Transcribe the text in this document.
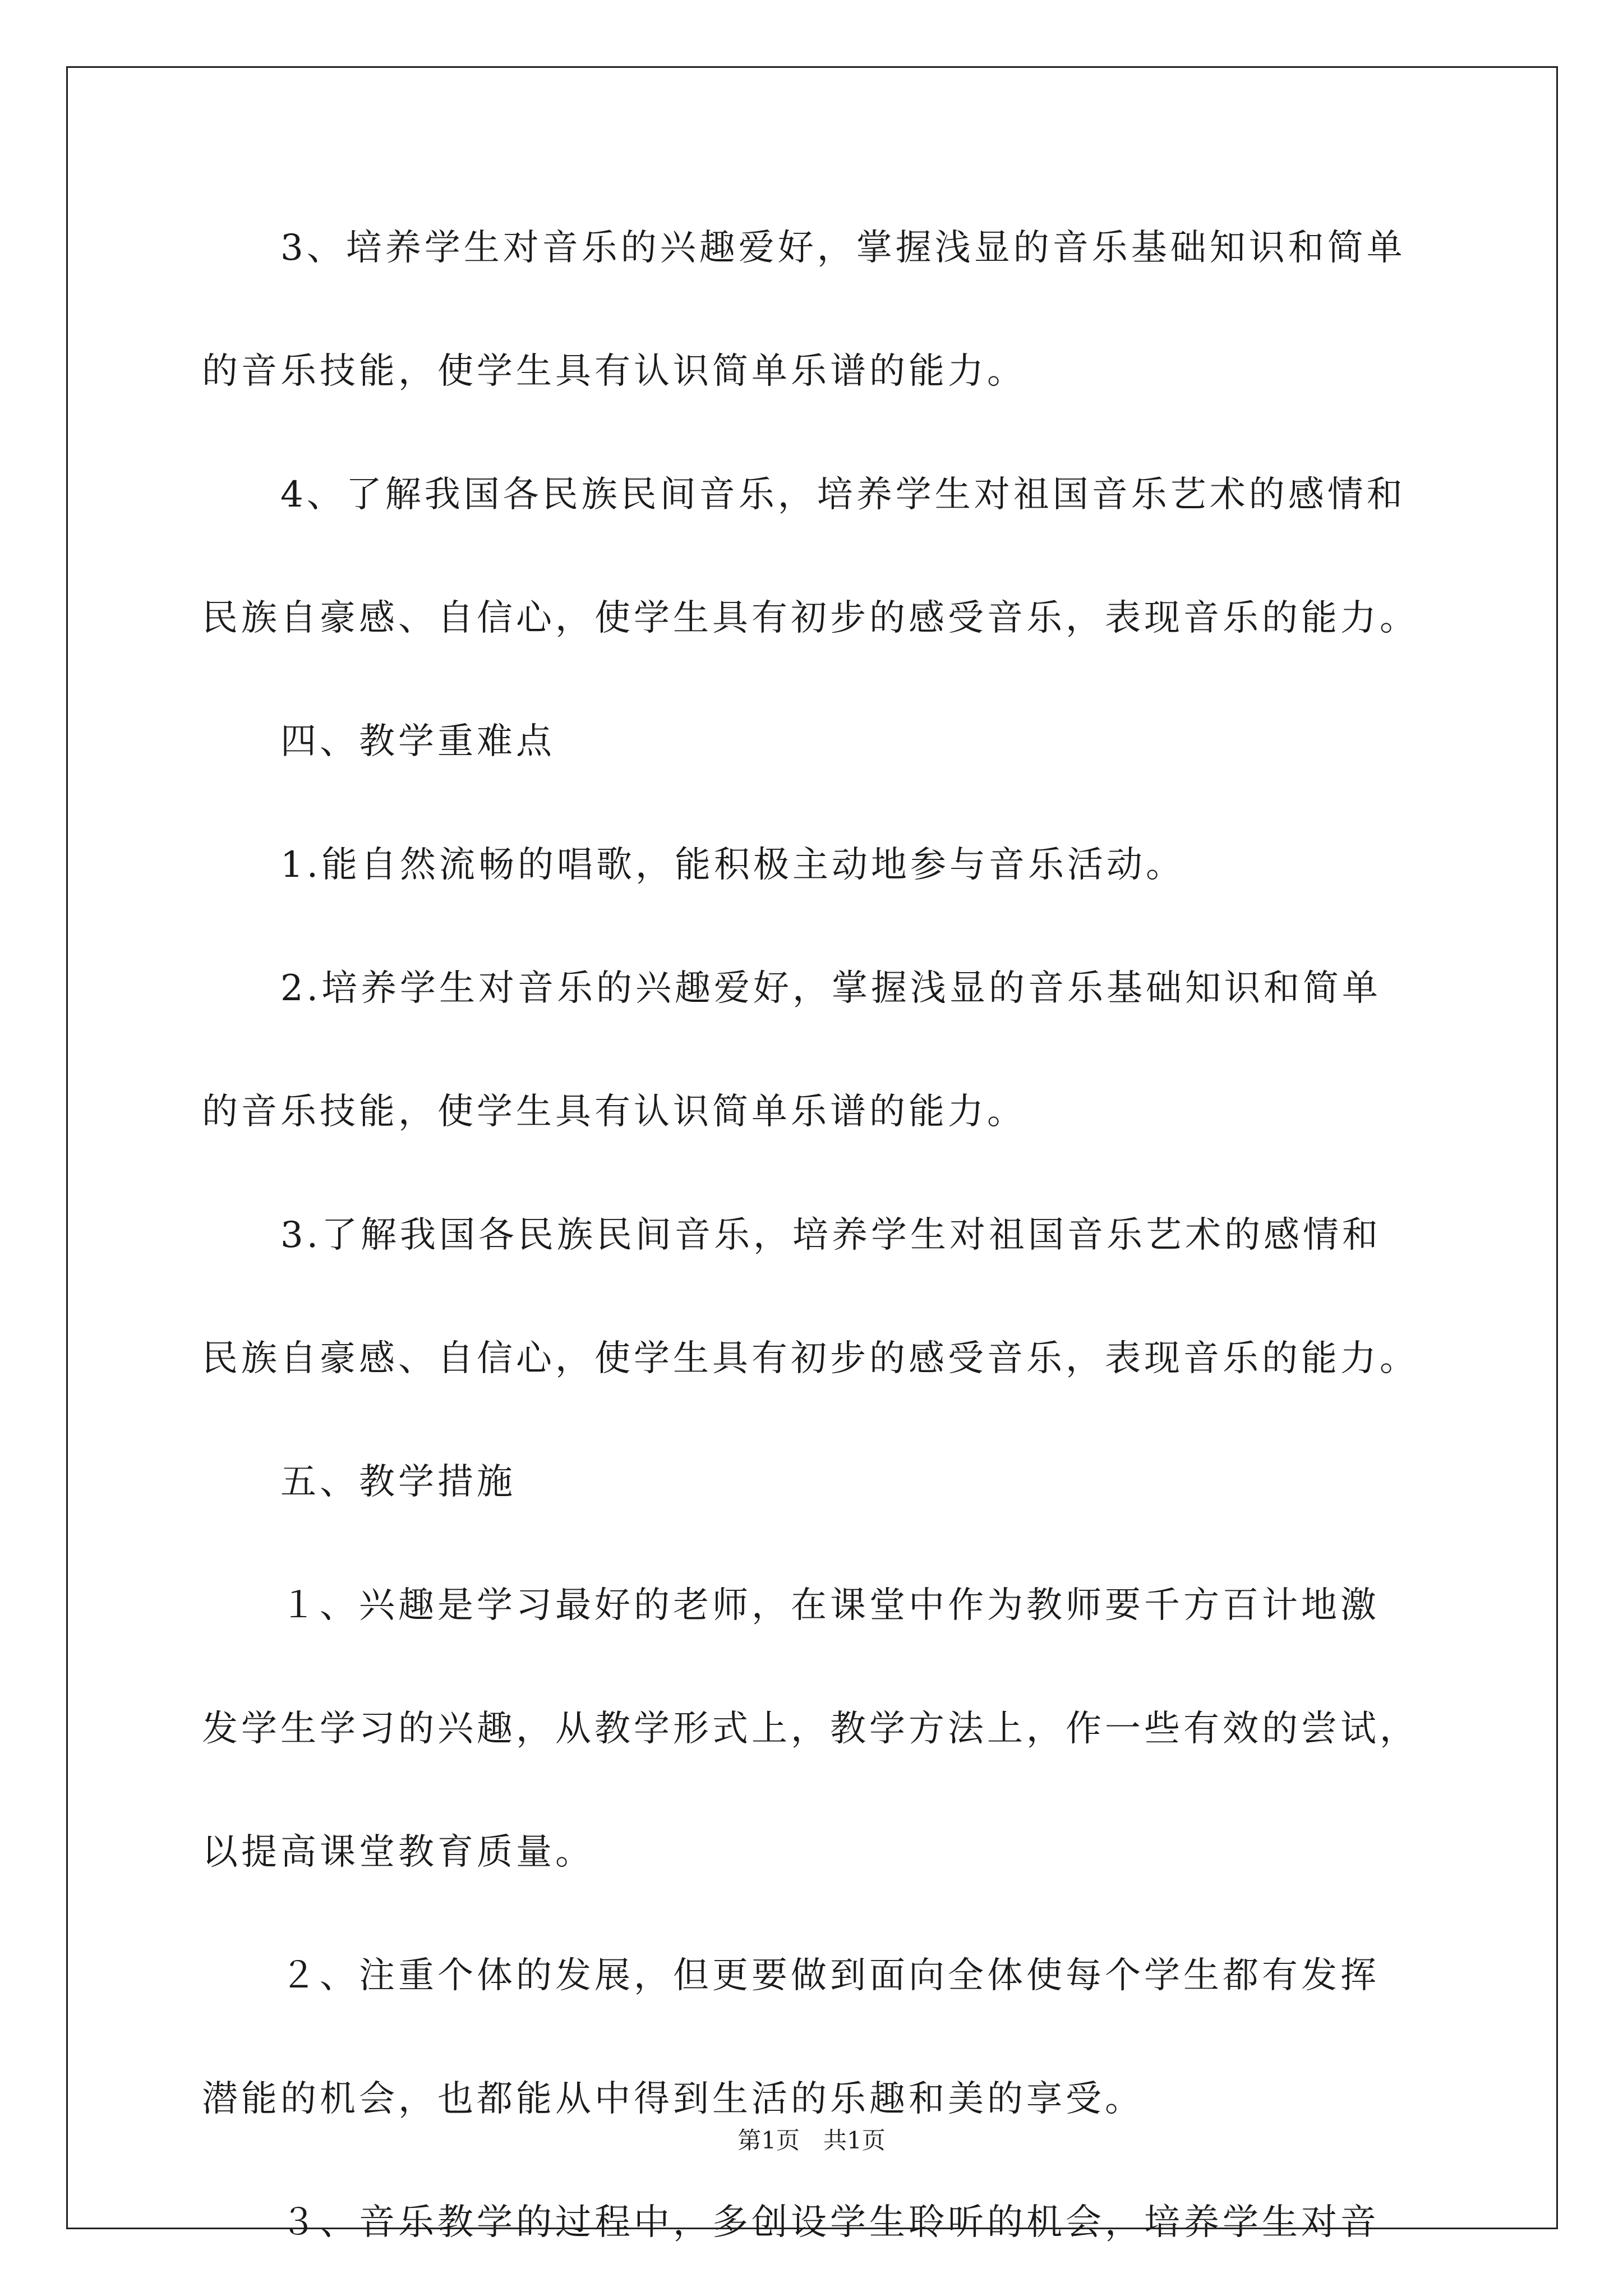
3、培养学生对音乐的兴趣爱好，掌握浅显的音乐基础知识和简单
的音乐技能，使学生具有认识简单乐谱的能力。
4、了解我国各民族民间音乐，培养学生对祖国音乐艺术的感情和
民族自豪感、自信心，使学生具有初步的感受音乐，表现音乐的能力。
四、教学重难点
1.能自然流畅的唱歌，能积极主动地参与音乐活动。
2.培养学生对音乐的兴趣爱好，掌握浅显的音乐基础知识和简单
的音乐技能，使学生具有认识简单乐谱的能力。
3.了解我国各民族民间音乐，培养学生对祖国音乐艺术的感情和
民族自豪感、自信心，使学生具有初步的感受音乐，表现音乐的能力。
五、教学措施
１、兴趣是学习最好的老师，在课堂中作为教师要千方百计地激
发学生学习的兴趣，从教学形式上，教学方法上，作一些有效的尝试，
以提高课堂教育质量。
２、注重个体的发展，但更要做到面向全体使每个学生都有发挥
潜能的机会，也都能从中得到生活的乐趣和美的享受。
３、音乐教学的过程中，多创设学生聆听的机会，培养学生对音
第1页　共1页
